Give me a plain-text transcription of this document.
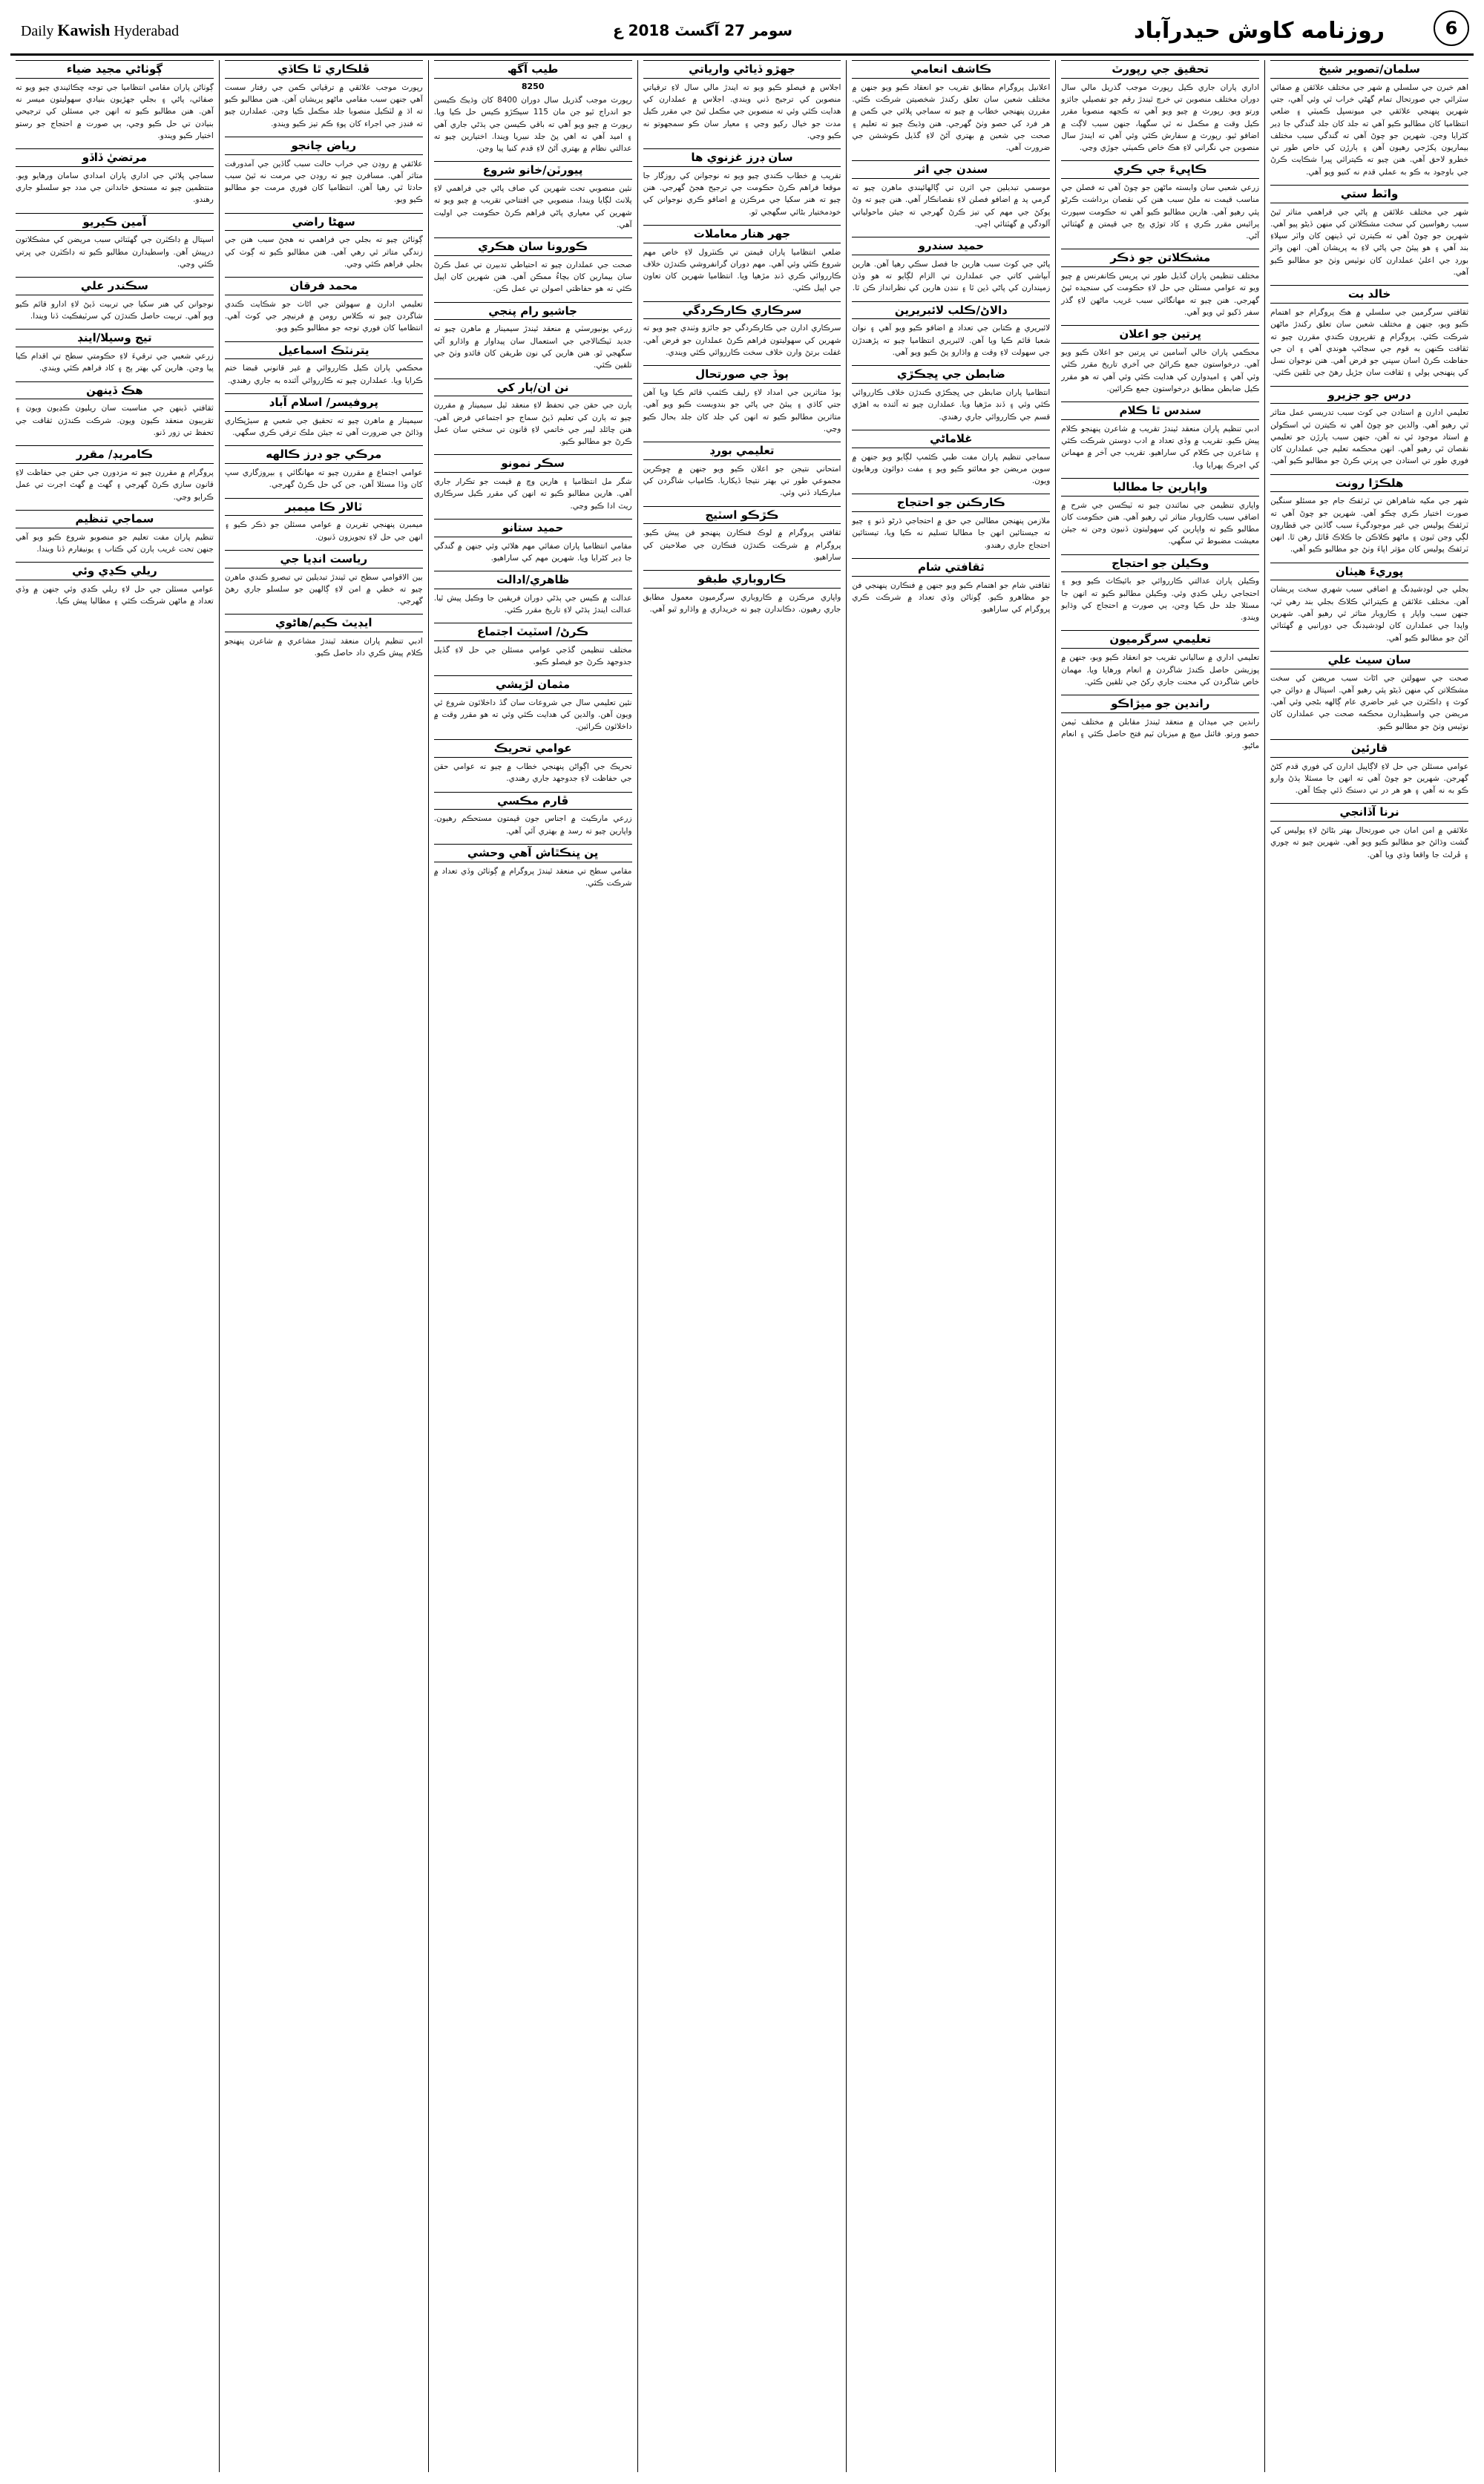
روزنامه
كاوش
حيدرآباد
سومر 27 آگسٽ 2018 ع
Daily Kawish Hyderabad	6
سلمان/تصوير شيخ
اهم خبرن جي سلسلي ۾ شهر جي مختلف علائقن ۾ صفائي سٿرائي جي صورتحال تمام گهڻي خراب ٿي وئي آهي، جتي شهرين پنهنجي علائقي جي ميونسپل ڪميٽي ۽ ضلعي انتظاميا کان مطالبو ڪيو آهي ته جلد کان جلد گندگي جا ڍير کڻرايا وڃن. شهرين جو چوڻ آهي ته گندگي سبب مختلف بيماريون پکڙجي رهيون آهن ۽ ٻارڙن کي خاص طور تي خطرو لاحق آهي. هنن چيو ته ڪيترائي ڀيرا شڪايت ڪرڻ جي باوجود به ڪو به عملي قدم نه کنيو ويو آهي.
واٽط ستي
شهر جي مختلف علائقن ۾ پاڻي جي فراهمي متاثر ٿيڻ سبب رهواسين کي سخت مشڪلاتن کي منهن ڏيڻو پيو آهي. شهرين جو چوڻ آهي ته ڪيترن ئي ڏينهن کان واٽر سپلاءِ بند آهي ۽ هو پيئڻ جي پاڻي لاءِ به پريشان آهن. انهن واٽر بورڊ جي اعليٰ عملدارن کان نوٽيس وٺڻ جو مطالبو ڪيو آهي.
خالد بت
ثقافتي سرگرمين جي سلسلي ۾ هڪ پروگرام جو اهتمام ڪيو ويو، جنهن ۾ مختلف شعبن سان تعلق رکندڙ ماڻهن شرڪت ڪئي. پروگرام ۾ تقريرون ڪندي مقررن چيو ته ثقافت ڪنهن به قوم جي سڃاڻپ هوندي آهي ۽ ان جي حفاظت ڪرڻ اسان سڀني جو فرض آهي. هنن نوجوان نسل کي پنهنجي ٻولي ۽ ثقافت سان جڙيل رهڻ جي تلقين ڪئي.
درس جو جزيرو
تعليمي ادارن ۾ استادن جي کوٽ سبب تدريسي عمل متاثر ٿي رهيو آهي. والدين جو چوڻ آهي ته ڪيترن ئي اسڪولن ۾ استاد موجود ئي نه آهن، جنهن سبب ٻارڙن جو تعليمي نقصان ٿي رهيو آهي. انهن محڪمه تعليم جي عملدارن کان فوري طور تي استادن جي ڀرتي ڪرڻ جو مطالبو ڪيو آهي.
هلڪڙا رونت
شهر جي مکيه شاهراهن تي ٽرئفڪ جام جو مسئلو سنگين صورت اختيار ڪري چڪو آهي. شهرين جو چوڻ آهي ته ٽرئفڪ پوليس جي غير موجودگيءَ سبب گاڏين جي قطارون لڳي وڃن ٿيون ۽ ماڻهو ڪلاڪن جا ڪلاڪ ڦاٿل رهن ٿا. انهن ٽرئفڪ پوليس کان مؤثر اپاءَ وٺڻ جو مطالبو ڪيو آهي.
پوريءَ هيٺان
بجلي جي لوڊشيڊنگ ۾ اضافي سبب شهري سخت پريشان آهن. مختلف علائقن ۾ ڪيترائي ڪلاڪ بجلي بند رهي ٿي، جنهن سبب واپار ۽ ڪاروبار متاثر ٿي رهيو آهي. شهرين واپڊا جي عملدارن کان لوڊشيڊنگ جي دورانيي ۾ گهٽتائي آڻڻ جو مطالبو ڪيو آهي.
سان سيٺ علي
صحت جي سهولتن جي اڻاٺ سبب مريضن کي سخت مشڪلاتن کي منهن ڏيڻو پئي رهيو آهي. اسپتال ۾ دوائن جي کوٽ ۽ ڊاڪٽرن جي غير حاضري عام ڳالهه بڻجي وئي آهي. مريضن جي واسطيدارن محڪمه صحت جي عملدارن کان نوٽيس وٺڻ جو مطالبو ڪيو.
قارئين
عوامي مسئلن جي حل لاءِ لاڳاپيل ادارن کي فوري قدم کڻڻ گهرجن. شهرين جو چوڻ آهي ته انهن جا مسئلا ٻڌڻ وارو ڪو به نه آهي ۽ هو هر در تي دستڪ ڏئي چڪا آهن.
نرنا آڏانجي
علائقي ۾ امن امان جي صورتحال بهتر بڻائڻ لاءِ پوليس کي گشت وڌائڻ جو مطالبو ڪيو ويو آهي. شهرين چيو ته چوري ۽ ڦرلٽ جا واقعا وڌي ويا آهن.
تحقيق جي رپورٽ
اداري پاران جاري ڪيل رپورٽ موجب گذريل مالي سال دوران مختلف منصوبن تي خرچ ٿيندڙ رقم جو تفصيلي جائزو ورتو ويو. رپورٽ ۾ چيو ويو آهي ته ڪجهه منصوبا مقرر ڪيل وقت ۾ مڪمل نه ٿي سگهيا، جنهن سبب لاڳت ۾ اضافو ٿيو. رپورٽ ۾ سفارش ڪئي وئي آهي ته ايندڙ سال منصوبن جي نگراني لاءِ هڪ خاص ڪميٽي جوڙي وڃي.
ڪاڀيءَ جي ڪري
زرعي شعبي سان وابسته ماڻهن جو چوڻ آهي ته فصلن جي مناسب قيمت نه ملڻ سبب هنن کي نقصان برداشت ڪرڻو پئي رهيو آهي. هارين مطالبو ڪيو آهي ته حڪومت سپورٽ پرائيس مقرر ڪري ۽ کاد توڙي ٻج جي قيمتن ۾ گهٽتائي آڻي.
مشڪلاتن جو ذڪر
مختلف تنظيمن پاران گڏيل طور تي پريس ڪانفرنس ۾ چيو ويو ته عوامي مسئلن جي حل لاءِ حڪومت کي سنجيده ٿيڻ گهرجي. هنن چيو ته مهانگائي سبب غريب ماڻهن لاءِ گذر سفر ڏکيو ٿي ويو آهي.
ڀرتين جو اعلان
محڪمي پاران خالي آسامين تي ڀرتين جو اعلان ڪيو ويو آهي. درخواستون جمع ڪرائڻ جي آخري تاريخ مقرر ڪئي وئي آهي ۽ اميدوارن کي هدايت ڪئي وئي آهي ته هو مقرر ڪيل ضابطن مطابق درخواستون جمع ڪرائين.
سندس ٿا ڪلام
ادبي تنظيم پاران منعقد ٿيندڙ تقريب ۾ شاعرن پنهنجو ڪلام پيش ڪيو. تقريب ۾ وڏي تعداد ۾ ادب دوستن شرڪت ڪئي ۽ شاعرن جي ڪلام کي ساراهيو. تقريب جي آخر ۾ مهمانن کي اجرڪ پهرايا ويا.
واپارين جا مطالبا
واپاري تنظيمن جي نمائندن چيو ته ٽيڪسن جي شرح ۾ اضافي سبب ڪاروبار متاثر ٿي رهيو آهي. هنن حڪومت کان مطالبو ڪيو ته واپارين کي سهوليتون ڏنيون وڃن ته جيئن معيشت مضبوط ٿي سگهي.
وڪيلن جو احتجاج
وڪيلن پاران عدالتي ڪارروائي جو بائيڪاٽ ڪيو ويو ۽ احتجاجي ريلي ڪڍي وئي. وڪيلن مطالبو ڪيو ته انهن جا مسئلا جلد حل ڪيا وڃن، ٻي صورت ۾ احتجاج کي وڌايو ويندو.
تعليمي سرگرميون
تعليمي اداري ۾ سالياني تقريب جو انعقاد ڪيو ويو، جنهن ۾ پوزيشن حاصل ڪندڙ شاگردن ۾ انعام ورهايا ويا. مهمان خاص شاگردن کي محنت جاري رکڻ جي تلقين ڪئي.
راندين جو ميڙاڪو
راندين جي ميدان ۾ منعقد ٿيندڙ مقابلن ۾ مختلف ٽيمن حصو ورتو. فائنل ميچ ۾ ميزبان ٽيم فتح حاصل ڪئي ۽ انعام ماڻيو.
ڪاشف انعامي
اعلانيل پروگرام مطابق تقريب جو انعقاد ڪيو ويو جنهن ۾ مختلف شعبن سان تعلق رکندڙ شخصيتن شرڪت ڪئي. مقررن پنهنجي خطاب ۾ چيو ته سماجي ڀلائي جي ڪمن ۾ هر فرد کي حصو وٺڻ گهرجي. هنن وڌيڪ چيو ته تعليم ۽ صحت جي شعبن ۾ بهتري آڻڻ لاءِ گڏيل ڪوششن جي ضرورت آهي.
سندن جي اثر
موسمي تبديلين جي اثرن تي ڳالهائيندي ماهرن چيو ته گرمي پد ۾ اضافو فصلن لاءِ نقصانڪار آهي. هنن چيو ته وڻ پوکڻ جي مهم کي تيز ڪرڻ گهرجي ته جيئن ماحولياتي آلودگي ۾ گهٽتائي اچي.
حميد سندرو
پاڻي جي کوٽ سبب هارين جا فصل سڪي رهيا آهن. هارين آبپاشي کاتي جي عملدارن تي الزام لڳايو ته هو وڏن زميندارن کي پاڻي ڏين ٿا ۽ ننڍن هارين کي نظرانداز ڪن ٿا.
دالاڻ/ڪلب لائبريرين
لائبريري ۾ ڪتابن جي تعداد ۾ اضافو ڪيو ويو آهي ۽ نوان شعبا قائم ڪيا ويا آهن. لائبريري انتظاميا چيو ته پڙهندڙن جي سهولت لاءِ وقت ۾ واڌارو پڻ ڪيو ويو آهي.
ضابطن جي ڀڃڪڙي
انتظاميا پاران ضابطن جي ڀڃڪڙي ڪندڙن خلاف ڪارروائي ڪئي وئي ۽ ڏنڊ مڙهيا ويا. عملدارن چيو ته آئنده به اهڙي قسم جي ڪارروائي جاري رهندي.
غلاماڻي
سماجي تنظيم پاران مفت طبي ڪئمپ لڳايو ويو جنهن ۾ سوين مريضن جو معائنو ڪيو ويو ۽ مفت دوائون ورهايون ويون.
ڪارڪنن جو احتجاج
ملازمن پنهنجن مطالبن جي حق ۾ احتجاجي ڌرڻو ڏنو ۽ چيو ته جيستائين انهن جا مطالبا تسليم نه ڪيا ويا، تيستائين احتجاج جاري رهندو.
ثقافتي شام
ثقافتي شام جو اهتمام ڪيو ويو جنهن ۾ فنڪارن پنهنجي فن جو مظاهرو ڪيو. ڳوٺاڻن وڏي تعداد ۾ شرڪت ڪري پروگرام کي ساراهيو.
جهڙو ڏياڻي وارياتي
اجلاس ۾ فيصلو ڪيو ويو ته ايندڙ مالي سال لاءِ ترقياتي منصوبن کي ترجيح ڏني ويندي. اجلاس ۾ عملدارن کي هدايت ڪئي وئي ته منصوبن جي مڪمل ٿيڻ جي مقرر ڪيل مدت جو خيال رکيو وڃي ۽ معيار سان ڪو سمجهوتو نه ڪيو وڃي.
سان ڊرز غزنوي ها
تقريب ۾ خطاب ڪندي چيو ويو ته نوجوانن کي روزگار جا موقعا فراهم ڪرڻ حڪومت جي ترجيح هجڻ گهرجي. هنن چيو ته هنر سکيا جي مرڪزن ۾ اضافو ڪري نوجوانن کي خودمختيار بڻائي سگهجي ٿو.
جهر هنار معاملات
ضلعي انتظاميا پاران قيمتن تي ڪنٽرول لاءِ خاص مهم شروع ڪئي وئي آهي. مهم دوران گرانفروشي ڪندڙن خلاف ڪارروائي ڪري ڏنڊ مڙهيا ويا. انتظاميا شهرين کان تعاون جي اپيل ڪئي.
سرڪاري ڪارڪردگي
سرڪاري ادارن جي ڪارڪردگي جو جائزو وٺندي چيو ويو ته شهرين کي سهوليتون فراهم ڪرڻ عملدارن جو فرض آهي. غفلت برتڻ وارن خلاف سخت ڪارروائي ڪئي ويندي.
ٻوڏ جي صورتحال
ٻوڏ متاثرين جي امداد لاءِ رليف ڪئمپ قائم ڪيا ويا آهن جتي کاڌي ۽ پيئڻ جي پاڻي جو بندوبست ڪيو ويو آهي. متاثرين مطالبو ڪيو ته انهن کي جلد کان جلد بحال ڪيو وڃي.
تعليمي بورڊ
امتحاني نتيجن جو اعلان ڪيو ويو جنهن ۾ ڇوڪرين مجموعي طور تي بهتر نتيجا ڏيکاريا. ڪامياب شاگردن کي مبارڪباد ڏني وئي.
ڪڙڪو اسٽيج
ثقافتي پروگرام ۾ لوڪ فنڪارن پنهنجو فن پيش ڪيو. پروگرام ۾ شرڪت ڪندڙن فنڪارن جي صلاحيتن کي ساراهيو.
ڪاروباري طبقو
واپاري مرڪزن ۾ ڪاروباري سرگرميون معمول مطابق جاري رهيون. دڪاندارن چيو ته خريداري ۾ واڌارو ٿيو آهي.
طيب آگھ
8250
رپورٽ موجب گذريل سال دوران 8400 کان وڌيڪ ڪيسن جو اندراج ٿيو جن مان 115 سيڪڙو ڪيس حل ڪيا ويا. رپورٽ ۾ چيو ويو آهي ته باقي ڪيسن جي ٻڌڻي جاري آهي ۽ اميد آهي ته اهي پڻ جلد نبيريا ويندا. اختيارين چيو ته عدالتي نظام ۾ بهتري آڻڻ لاءِ قدم کنيا پيا وڃن.
پيورٽن/خانو شروع
نئين منصوبي تحت شهرين کي صاف پاڻي جي فراهمي لاءِ پلانٽ لڳايا ويندا. منصوبي جي افتتاحي تقريب ۾ چيو ويو ته شهرين کي معياري پاڻي فراهم ڪرڻ حڪومت جي اوليت آهي.
ڪورونا سان هڪري
صحت جي عملدارن چيو ته احتياطي تدبيرن تي عمل ڪرڻ سان بيمارين کان بچاءُ ممڪن آهي. هنن شهرين کان اپيل ڪئي ته هو حفاظتي اصولن تي عمل ڪن.
جاشيو رام پنجي
زرعي يونيورسٽي ۾ منعقد ٿيندڙ سيمينار ۾ ماهرن چيو ته جديد ٽيڪنالاجي جي استعمال سان پيداوار ۾ واڌارو آڻي سگهجي ٿو. هنن هارين کي نون طريقن کان فائدو وٺڻ جي تلقين ڪئي.
نن ان/ٻار کي
ٻارن جي حقن جي تحفظ لاءِ منعقد ٿيل سيمينار ۾ مقررن چيو ته ٻارن کي تعليم ڏيڻ سماج جو اجتماعي فرض آهي. هنن چائلڊ ليبر جي خاتمي لاءِ قانون تي سختي سان عمل ڪرڻ جو مطالبو ڪيو.
سڪر نمونو
شگر مل انتظاميا ۽ هارين وچ ۾ قيمت جو تڪرار جاري آهي. هارين مطالبو ڪيو ته انهن کي مقرر ڪيل سرڪاري ريٽ ادا ڪيو وڃي.
حميد ستانو
مقامي انتظاميا پاران صفائي مهم هلائي وئي جنهن ۾ گندگي جا ڍير کڻرايا ويا. شهرين مهم کي ساراهيو.
ظاهري/ادالت
عدالت ۾ ڪيس جي ٻڌڻي دوران فريقين جا وڪيل پيش ٿيا. عدالت ايندڙ ٻڌڻي لاءِ تاريخ مقرر ڪئي.
ڪرڻ/ اسٽيٽ اجتماع
مختلف تنظيمن گڏجي عوامي مسئلن جي حل لاءِ گڏيل جدوجهد ڪرڻ جو فيصلو ڪيو.
مثمان لڙيشي
نئين تعليمي سال جي شروعات سان گڏ داخلائون شروع ٿي ويون آهن. والدين کي هدايت ڪئي وئي ته هو مقرر وقت ۾ داخلائون ڪرائين.
عوامي تحريڪ
تحريڪ جي اڳواڻن پنهنجي خطاب ۾ چيو ته عوامي حقن جي حفاظت لاءِ جدوجهد جاري رهندي.
ڦارم مڪسي
زرعي مارڪيٽ ۾ اجناس جون قيمتون مستحڪم رهيون. واپارين چيو ته رسد ۾ بهتري آئي آهي.
ڀن ڀنڪٿاش آهي وحشي
مقامي سطح تي منعقد ٿيندڙ پروگرام ۾ ڳوٺاڻن وڏي تعداد ۾ شرڪت ڪئي.
ڦلڪاري ٿا ڪاڏي
رپورٽ موجب علائقي ۾ ترقياتي ڪمن جي رفتار سست آهي جنهن سبب مقامي ماڻهو پريشان آهن. هنن مطالبو ڪيو ته اڌ ۾ لٽڪيل منصوبا جلد مڪمل ڪيا وڃن. عملدارن چيو ته فنڊز جي اجراء کان پوءِ ڪم تيز ڪيو ويندو.
رياض چانجو
علائقي ۾ روڊن جي خراب حالت سبب گاڏين جي آمدورفت متاثر آهي. مسافرن چيو ته روڊن جي مرمت نه ٿيڻ سبب حادثا ٿي رهيا آهن. انتظاميا کان فوري مرمت جو مطالبو ڪيو ويو.
سهڻا راضي
ڳوٺاڻن چيو ته بجلي جي فراهمي نه هجڻ سبب هنن جي زندگي متاثر ٿي رهي آهي. هنن مطالبو ڪيو ته ڳوٺ کي بجلي فراهم ڪئي وڃي.
محمد فرقان
تعليمي ادارن ۾ سهولتن جي اڻاٺ جو شڪايت ڪندي شاگردن چيو ته ڪلاس رومن ۾ فرنيچر جي کوٽ آهي. انتظاميا کان فوري توجه جو مطالبو ڪيو ويو.
يترنٽڪ اسماعيل
محڪمي پاران ڪيل ڪارروائي ۾ غير قانوني قبضا ختم ڪرايا ويا. عملدارن چيو ته ڪارروائي آئنده به جاري رهندي.
پروفيسر/ اسلام آباد
سيمينار ۾ ماهرن چيو ته تحقيق جي شعبي ۾ سيڙپڪاري وڌائڻ جي ضرورت آهي ته جيئن ملڪ ترقي ڪري سگهي.
مرڪي جو ڊرز ڪالهه
عوامي اجتماع ۾ مقررن چيو ته مهانگائي ۽ بيروزگاري سڀ کان وڏا مسئلا آهن، جن کي حل ڪرڻ گهرجي.
ٽالار ڪا ميمبر
ميمبرن پنهنجي تقريرن ۾ عوامي مسئلن جو ذڪر ڪيو ۽ انهن جي حل لاءِ تجويزون ڏنيون.
رياست انڊيا جي
بين الاقوامي سطح تي ٿيندڙ تبديلين تي تبصرو ڪندي ماهرن چيو ته خطي ۾ امن لاءِ ڳالهين جو سلسلو جاري رهڻ گهرجي.
ايڊيٽ ڪيم/ھاڻوي
ادبي تنظيم پاران منعقد ٿيندڙ مشاعري ۾ شاعرن پنهنجو ڪلام پيش ڪري داد حاصل ڪيو.
ڳوٺاڻي مجيد ضياء
ڳوٺاڻن پاران مقامي انتظاميا جي توجه ڇڪائيندي چيو ويو ته صفائي، پاڻي ۽ بجلي جهڙيون بنيادي سهوليتون ميسر نه آهن. هنن مطالبو ڪيو ته انهن جي مسئلن کي ترجيحي بنيادن تي حل ڪيو وڃي، ٻي صورت ۾ احتجاج جو رستو اختيار ڪيو ويندو.
مرتضيٰ ڏاڏو
سماجي ڀلائي جي اداري پاران امدادي سامان ورهايو ويو. منتظمين چيو ته مستحق خاندانن جي مدد جو سلسلو جاري رهندو.
آمين ڪيريو
اسپتال ۾ ڊاڪٽرن جي گهٽتائي سبب مريضن کي مشڪلاتون درپيش آهن. واسطيدارن مطالبو ڪيو ته ڊاڪٽرن جي ڀرتي ڪئي وڃي.
سڪندر علي
نوجوانن کي هنر سکيا جي تربيت ڏيڻ لاءِ ادارو قائم ڪيو ويو آهي. تربيت حاصل ڪندڙن کي سرٽيفڪيٽ ڏنا ويندا.
تيج وسيلا/اينڊ
زرعي شعبي جي ترقيءَ لاءِ حڪومتي سطح تي اقدام ڪيا پيا وڃن. هارين کي بهتر ٻج ۽ کاد فراهم ڪئي ويندي.
هڪ ڏينهن
ثقافتي ڏينهن جي مناسبت سان ريليون ڪڍيون ويون ۽ تقريبون منعقد ڪيون ويون. شرڪت ڪندڙن ثقافت جي تحفظ تي زور ڏنو.
ڪامريڊ/ مقرر
پروگرام ۾ مقررن چيو ته مزدورن جي حقن جي حفاظت لاءِ قانون سازي ڪرڻ گهرجي ۽ گهٽ ۾ گهٽ اجرت تي عمل ڪرايو وڃي.
سماجي تنظيم
تنظيم پاران مفت تعليم جو منصوبو شروع ڪيو ويو آهي جنهن تحت غريب ٻارن کي ڪتاب ۽ يونيفارم ڏنا ويندا.
ريلي ڪڍي وئي
عوامي مسئلن جي حل لاءِ ريلي ڪڍي وئي جنهن ۾ وڏي تعداد ۾ ماڻهن شرڪت ڪئي ۽ مطالبا پيش ڪيا.
